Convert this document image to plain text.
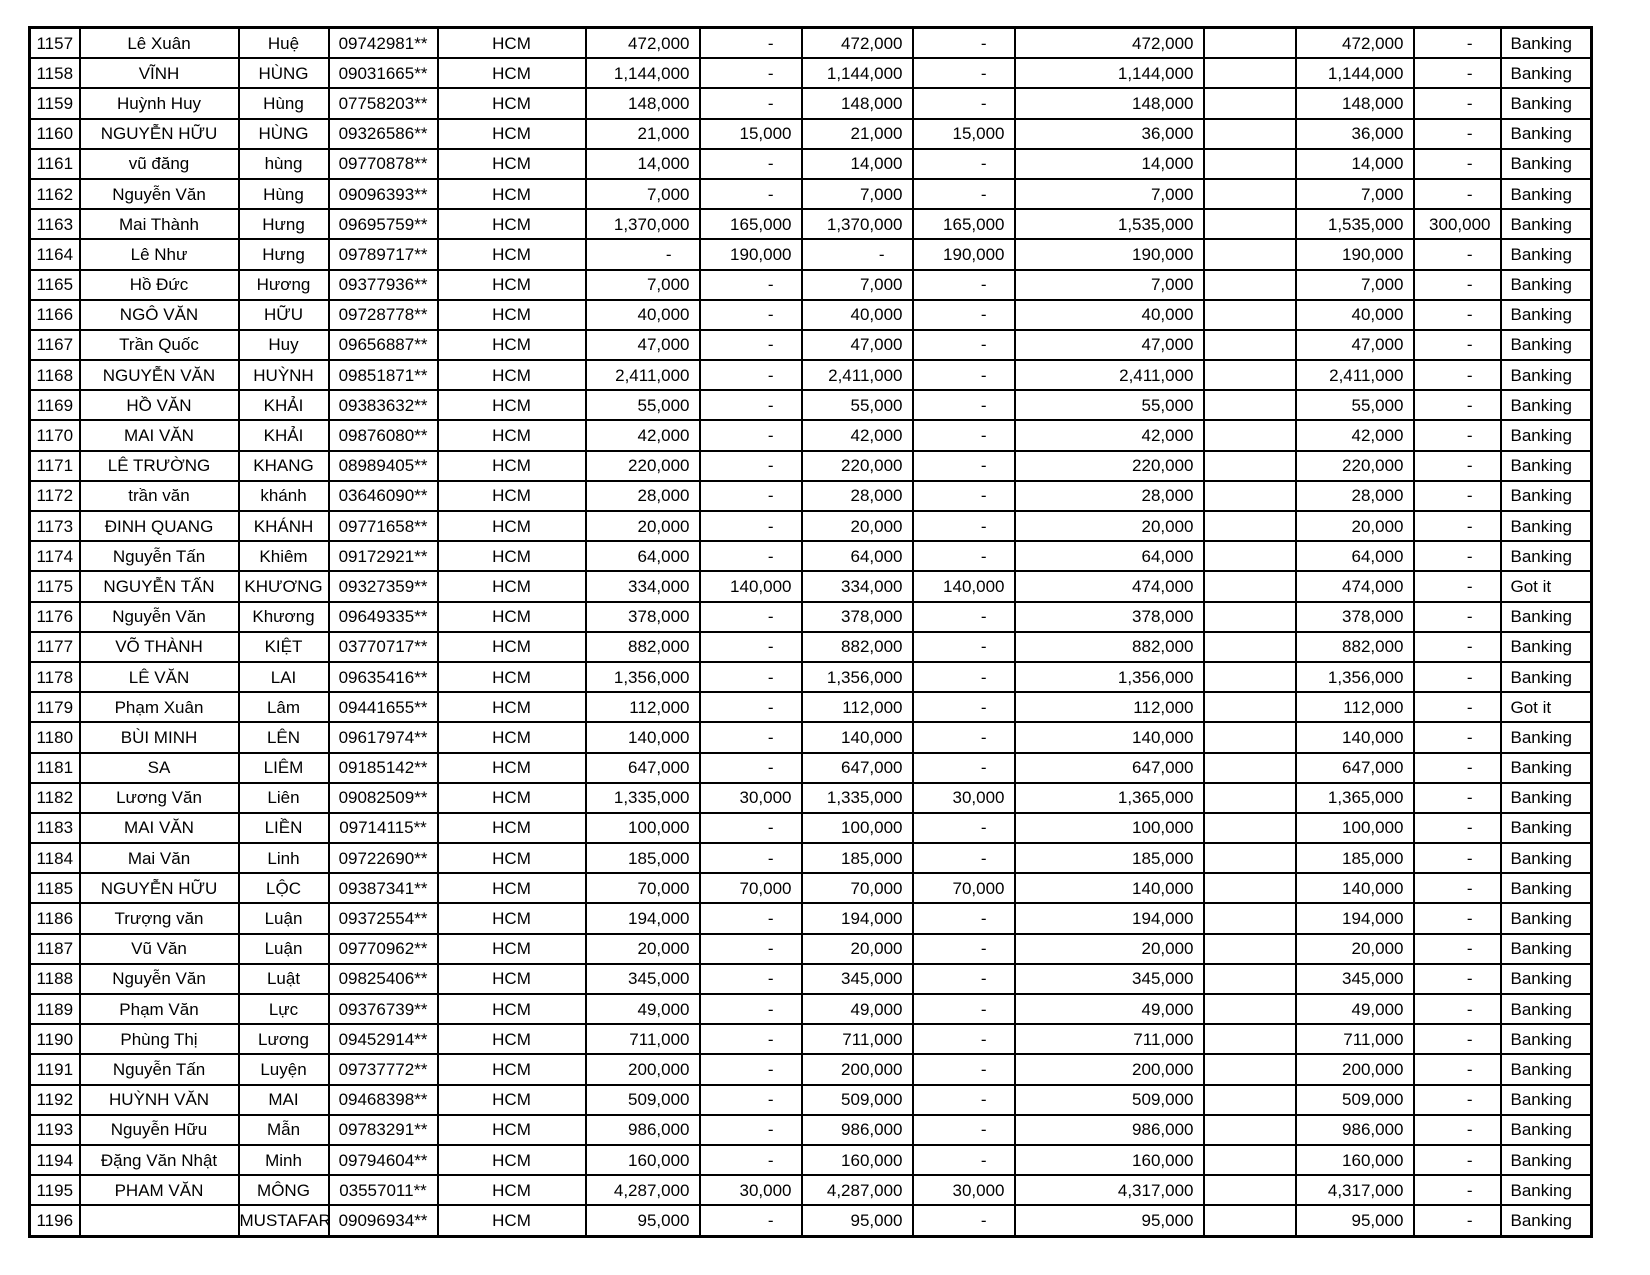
1157	Lê Xuân	Huệ	09742981**	HCM	472,000	-	472,000	-	472,000		472,000	-	Banking
1158	VĨNH	HÙNG	09031665**	HCM	1,144,000	-	1,144,000	-	1,144,000		1,144,000	-	Banking
1159	Huỳnh Huy	Hùng	07758203**	HCM	148,000	-	148,000	-	148,000		148,000	-	Banking
1160	NGUYỄN HỮU	HÙNG	09326586**	HCM	21,000	15,000	21,000	15,000	36,000		36,000	-	Banking
1161	vũ đăng	hùng	09770878**	HCM	14,000	-	14,000	-	14,000		14,000	-	Banking
1162	Nguyễn Văn	Hùng	09096393**	HCM	7,000	-	7,000	-	7,000		7,000	-	Banking
1163	Mai Thành	Hưng	09695759**	HCM	1,370,000	165,000	1,370,000	165,000	1,535,000		1,535,000	300,000	Banking
1164	Lê Như	Hưng	09789717**	HCM	-	190,000	-	190,000	190,000		190,000	-	Banking
1165	Hồ Đức	Hương	09377936**	HCM	7,000	-	7,000	-	7,000		7,000	-	Banking
1166	NGÔ VĂN	HỮU	09728778**	HCM	40,000	-	40,000	-	40,000		40,000	-	Banking
1167	Trần Quốc	Huy	09656887**	HCM	47,000	-	47,000	-	47,000		47,000	-	Banking
1168	NGUYỄN VĂN	HUỲNH	09851871**	HCM	2,411,000	-	2,411,000	-	2,411,000		2,411,000	-	Banking
1169	HỒ VĂN	KHẢI	09383632**	HCM	55,000	-	55,000	-	55,000		55,000	-	Banking
1170	MAI VĂN	KHẢI	09876080**	HCM	42,000	-	42,000	-	42,000		42,000	-	Banking
1171	LÊ TRƯỜNG	KHANG	08989405**	HCM	220,000	-	220,000	-	220,000		220,000	-	Banking
1172	trần văn	khánh	03646090**	HCM	28,000	-	28,000	-	28,000		28,000	-	Banking
1173	ĐINH QUANG	KHÁNH	09771658**	HCM	20,000	-	20,000	-	20,000		20,000	-	Banking
1174	Nguyễn Tấn	Khiêm	09172921**	HCM	64,000	-	64,000	-	64,000		64,000	-	Banking
1175	NGUYỄN TẤN	KHƯƠNG	09327359**	HCM	334,000	140,000	334,000	140,000	474,000		474,000	-	Got it
1176	Nguyễn Văn	Khương	09649335**	HCM	378,000	-	378,000	-	378,000		378,000	-	Banking
1177	VÕ THÀNH	KIỆT	03770717**	HCM	882,000	-	882,000	-	882,000		882,000	-	Banking
1178	LÊ VĂN	LAI	09635416**	HCM	1,356,000	-	1,356,000	-	1,356,000		1,356,000	-	Banking
1179	Phạm Xuân	Lâm	09441655**	HCM	112,000	-	112,000	-	112,000		112,000	-	Got it
1180	BÙI MINH	LÊN	09617974**	HCM	140,000	-	140,000	-	140,000		140,000	-	Banking
1181	SA	LIÊM	09185142**	HCM	647,000	-	647,000	-	647,000		647,000	-	Banking
1182	Lương Văn	Liên	09082509**	HCM	1,335,000	30,000	1,335,000	30,000	1,365,000		1,365,000	-	Banking
1183	MAI VĂN	LIỀN	09714115**	HCM	100,000	-	100,000	-	100,000		100,000	-	Banking
1184	Mai Văn	Linh	09722690**	HCM	185,000	-	185,000	-	185,000		185,000	-	Banking
1185	NGUYỄN HỮU	LỘC	09387341**	HCM	70,000	70,000	70,000	70,000	140,000		140,000	-	Banking
1186	Trượng văn	Luận	09372554**	HCM	194,000	-	194,000	-	194,000		194,000	-	Banking
1187	Vũ Văn	Luận	09770962**	HCM	20,000	-	20,000	-	20,000		20,000	-	Banking
1188	Nguyễn Văn	Luật	09825406**	HCM	345,000	-	345,000	-	345,000		345,000	-	Banking
1189	Phạm Văn	Lực	09376739**	HCM	49,000	-	49,000	-	49,000		49,000	-	Banking
1190	Phùng Thị	Lương	09452914**	HCM	711,000	-	711,000	-	711,000		711,000	-	Banking
1191	Nguyễn Tấn	Luyện	09737772**	HCM	200,000	-	200,000	-	200,000		200,000	-	Banking
1192	HUỲNH VĂN	MAI	09468398**	HCM	509,000	-	509,000	-	509,000		509,000	-	Banking
1193	Nguyễn Hữu	Mẫn	09783291**	HCM	986,000	-	986,000	-	986,000		986,000	-	Banking
1194	Đặng Văn Nhật	Minh	09794604**	HCM	160,000	-	160,000	-	160,000		160,000	-	Banking
1195	PHAM VĂN	MÔNG	03557011**	HCM	4,287,000	30,000	4,287,000	30,000	4,317,000		4,317,000	-	Banking
1196		MUSTAFAR	09096934**	HCM	95,000	-	95,000	-	95,000		95,000	-	Banking
